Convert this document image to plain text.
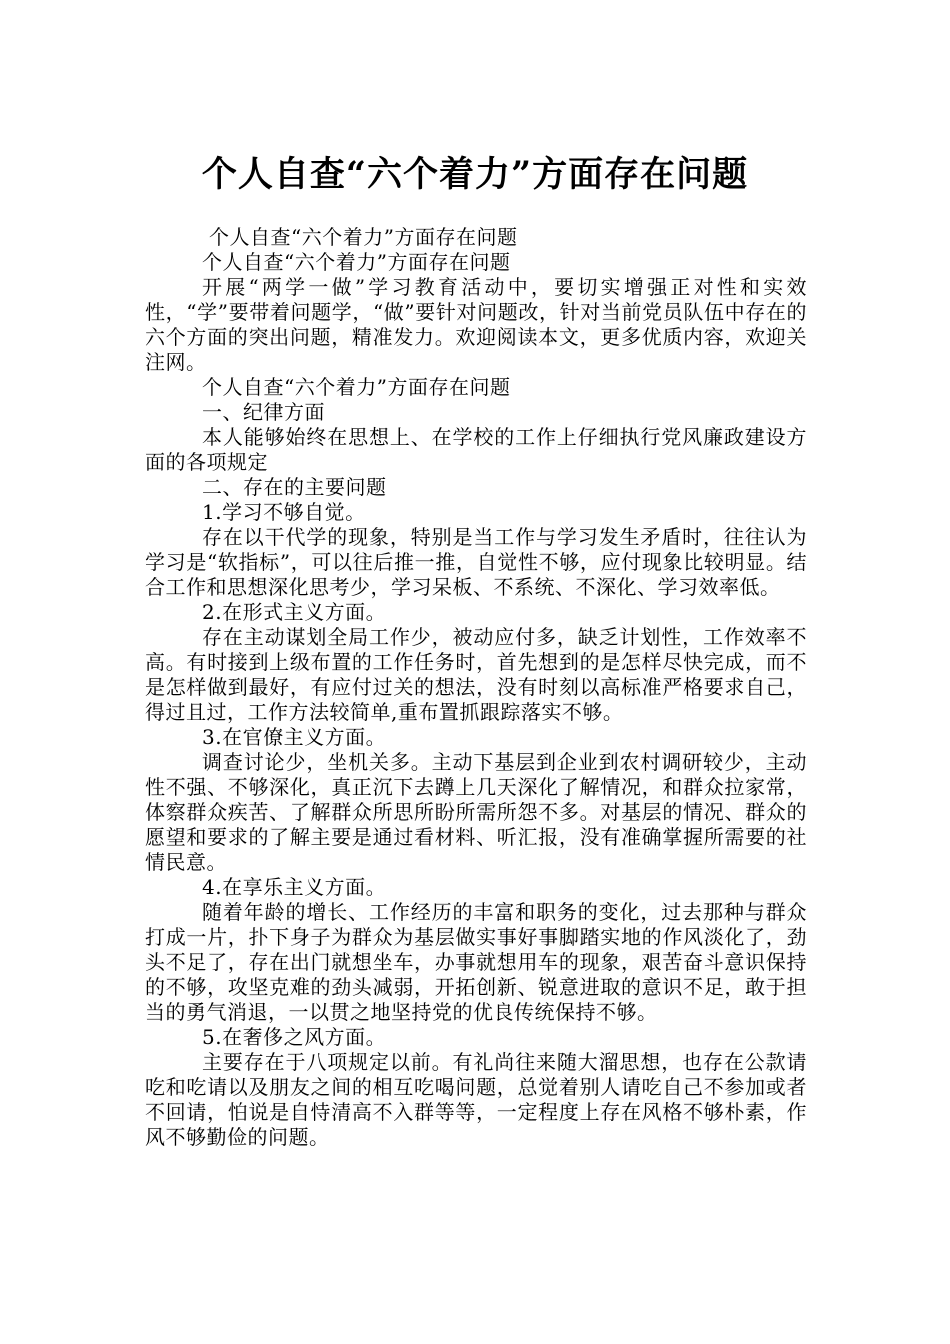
个人自查“六个着力”方面存在问题

个人自查“六个着力”方面存在问题

个人自查“六个着力”方面存在问题

开展“两学一做”学习教育活动中，要切实增强正对性和实效性，“学”要带着问题学，“做”要针对问题改，针对当前党员队伍中存在的六个方面的突出问题，精准发力。欢迎阅读本文，更多优质内容，欢迎关注网。

个人自查“六个着力”方面存在问题

一、纪律方面

本人能够始终在思想上、在学校的工作上仔细执行党风廉政建设方面的各项规定

二、存在的主要问题

1.学习不够自觉。

存在以干代学的现象，特别是当工作与学习发生矛盾时，往往认为学习是“软指标”，可以往后推一推，自觉性不够，应付现象比较明显。结合工作和思想深化思考少，学习呆板、不系统、不深化、学习效率低。

2.在形式主义方面。

存在主动谋划全局工作少，被动应付多，缺乏计划性，工作效率不高。有时接到上级布置的工作任务时，首先想到的是怎样尽快完成，而不是怎样做到最好，有应付过关的想法，没有时刻以高标准严格要求自己，得过且过，工作方法较简单,重布置抓跟踪落实不够。

3.在官僚主义方面。

调查讨论少，坐机关多。主动下基层到企业到农村调研较少，主动性不强、不够深化，真正沉下去蹲上几天深化了解情况，和群众拉家常，体察群众疾苦、了解群众所思所盼所需所怨不多。对基层的情况、群众的愿望和要求的了解主要是通过看材料、听汇报，没有准确掌握所需要的社情民意。

4.在享乐主义方面。

随着年龄的增长、工作经历的丰富和职务的变化，过去那种与群众打成一片，扑下身子为群众为基层做实事好事脚踏实地的作风淡化了，劲头不足了，存在出门就想坐车，办事就想用车的现象，艰苦奋斗意识保持的不够，攻坚克难的劲头减弱，开拓创新、锐意进取的意识不足，敢于担当的勇气消退，一以贯之地坚持党的优良传统保持不够。

5.在奢侈之风方面。

主要存在于八项规定以前。有礼尚往来随大溜思想，也存在公款请吃和吃请以及朋友之间的相互吃喝问题，总觉着别人请吃自己不参加或者不回请，怕说是自恃清高不入群等等，一定程度上存在风格不够朴素，作风不够勤俭的问题。
